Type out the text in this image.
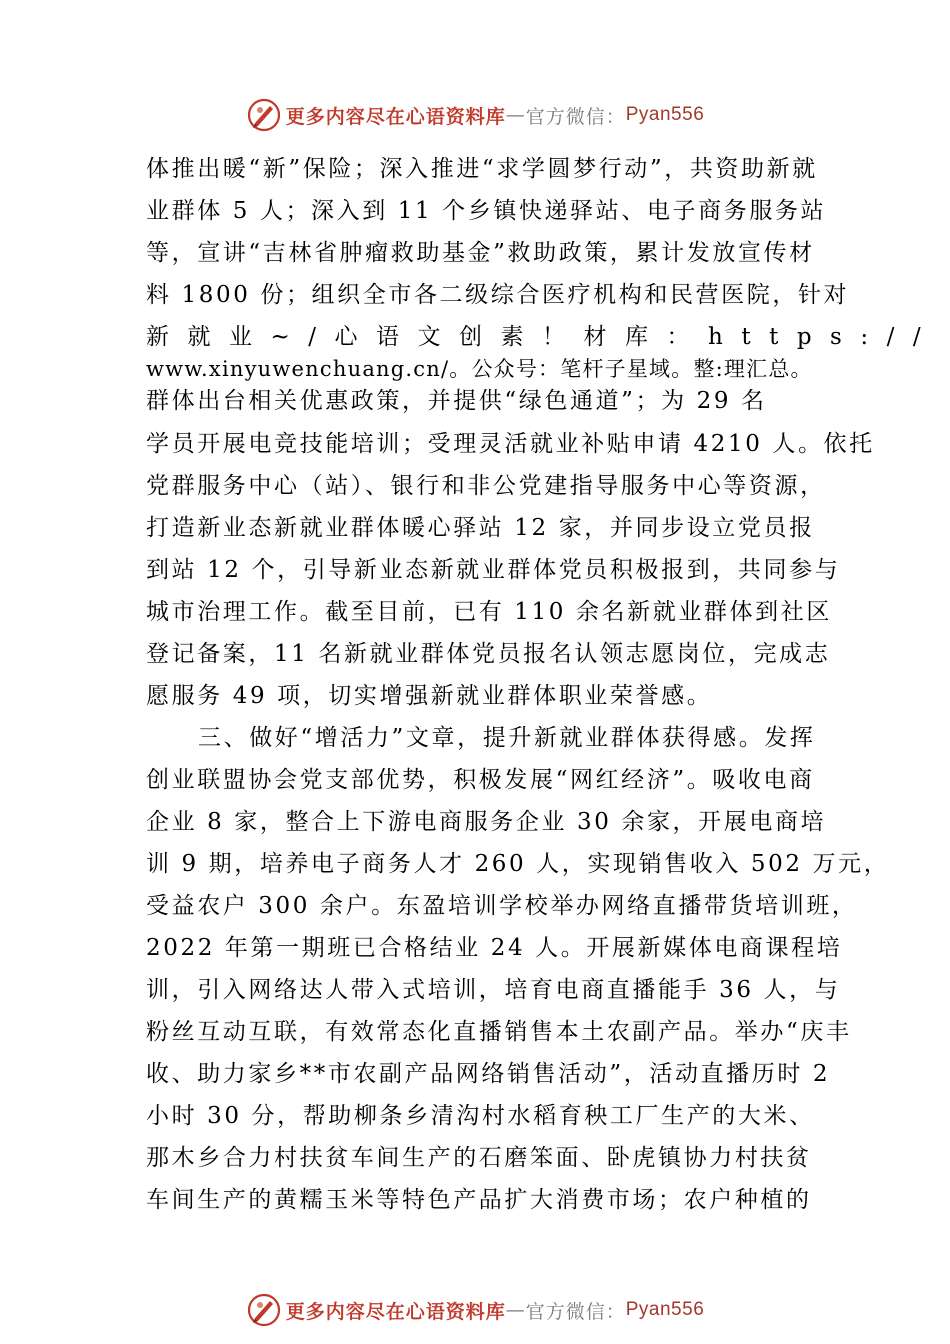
更多内容尽在心语资料库 — 官方微信： Pyan556
体推出暖“新”保险；深入推进“求学圆梦行动”，共资助新就
业群体 5 人；深入到 11 个乡镇快递驿站、电子商务服务站
等，宣讲“吉林省肿瘤救助基金”救助政策，累计发放宣传材
料 1800 份；组织全市各二级综合医疗机构和民营医院，针对
新就业~/心语文创素！材库：https://
www.xinyuwenchuang.cn/。公众号：笔杆子星域。整:理汇总。
群体出台相关优惠政策，并提供“绿色通道”；为 29 名
学员开展电竞技能培训；受理灵活就业补贴申请 4210 人。依托
党群服务中心（站）、银行和非公党建指导服务中心等资源，
打造新业态新就业群体暖心驿站 12 家，并同步设立党员报
到站 12 个，引导新业态新就业群体党员积极报到，共同参与
城市治理工作。截至目前，已有 110 余名新就业群体到社区
登记备案，11 名新就业群体党员报名认领志愿岗位，完成志
愿服务 49 项，切实增强新就业群体职业荣誉感。
三、做好“增活力”文章，提升新就业群体获得感。发挥
创业联盟协会党支部优势，积极发展“网红经济”。吸收电商
企业 8 家，整合上下游电商服务企业 30 余家，开展电商培
训 9 期，培养电子商务人才 260 人，实现销售收入 502 万元，
受益农户 300 余户。东盈培训学校举办网络直播带货培训班，
2022 年第一期班已合格结业 24 人。开展新媒体电商课程培
训，引入网络达人带入式培训，培育电商直播能手 36 人，与
粉丝互动互联，有效常态化直播销售本土农副产品。举办“庆丰
收、助力家乡**市农副产品网络销售活动”，活动直播历时 2
小时 30 分，帮助柳条乡清沟村水稻育秧工厂生产的大米、
那木乡合力村扶贫车间生产的石磨笨面、卧虎镇协力村扶贫
车间生产的黄糯玉米等特色产品扩大消费市场；农户种植的
更多内容尽在心语资料库 — 官方微信： Pyan556
